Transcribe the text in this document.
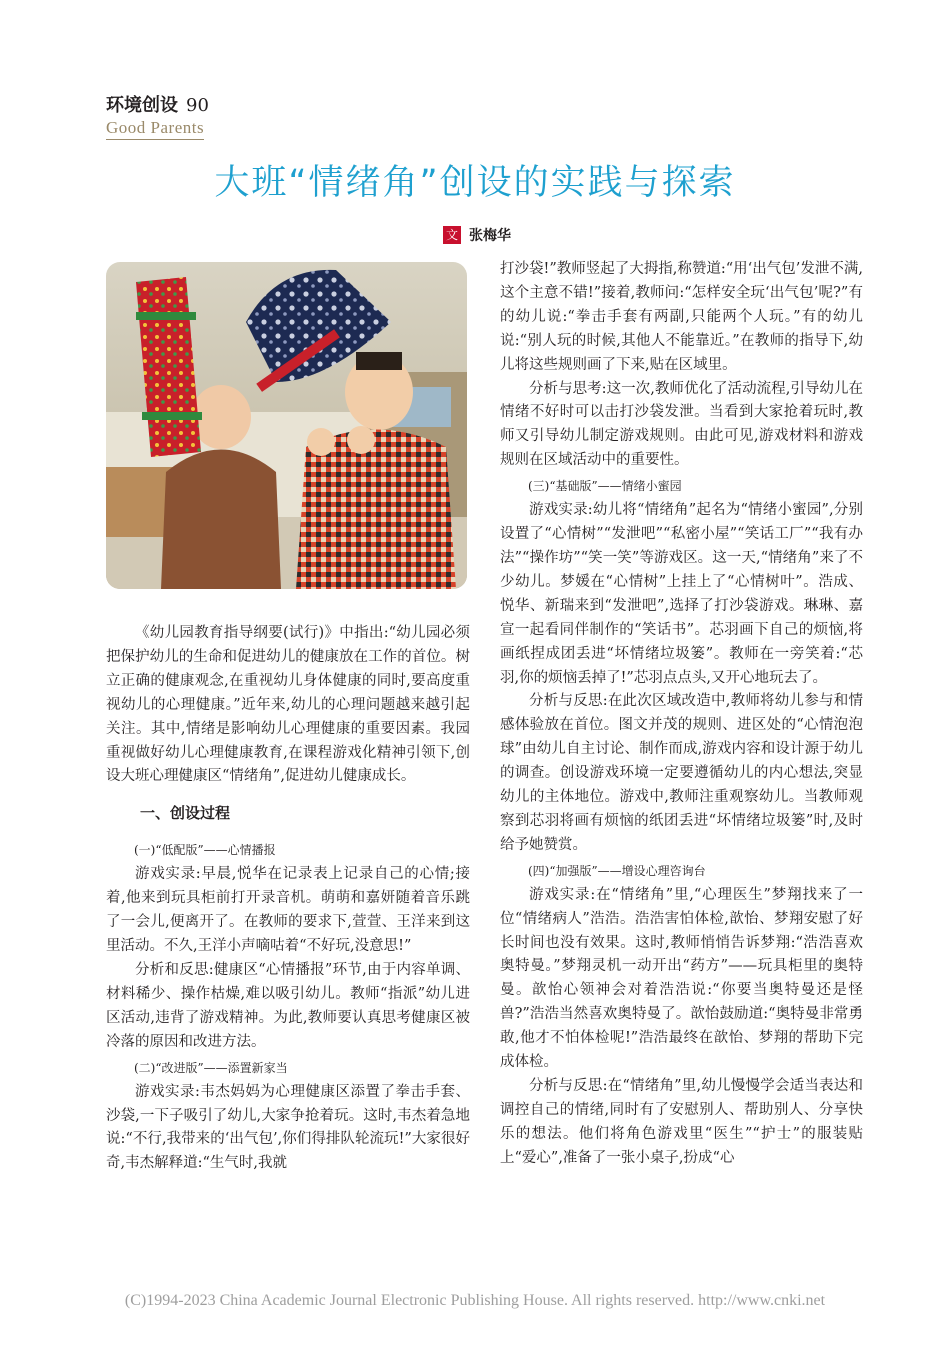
环境创设 90
Good Parents
大班“情绪角”创设的实践与探索
文 张梅华

《幼儿园教育指导纲要(试行)》中指出:“幼儿园必须把保护幼儿的生命和促进幼儿的健康放在工作的首位。树立正确的健康观念,在重视幼儿身体健康的同时,要高度重视幼儿的心理健康。”近年来,幼儿的心理问题越来越引起关注。其中,情绪是影响幼儿心理健康的重要因素。我园重视做好幼儿心理健康教育,在课程游戏化精神引领下,创设大班心理健康区“情绪角”,促进幼儿健康成长。

一、创设过程

(一)“低配版”——心情播报

游戏实录:早晨,悦华在记录表上记录自己的心情;接着,他来到玩具柜前打开录音机。萌萌和嘉妍随着音乐跳了一会儿,便离开了。在教师的要求下,萱萱、王洋来到这里活动。不久,王洋小声嘀咕着“不好玩,没意思!”

分析和反思:健康区“心情播报”环节,由于内容单调、材料稀少、操作枯燥,难以吸引幼儿。教师“指派”幼儿进区活动,违背了游戏精神。为此,教师要认真思考健康区被冷落的原因和改进方法。

(二)“改进版”——添置新家当

游戏实录:韦杰妈妈为心理健康区添置了拳击手套、沙袋,一下子吸引了幼儿,大家争抢着玩。这时,韦杰着急地说:“不行,我带来的‘出气包’,你们得排队轮流玩!”大家很好奇,韦杰解释道:“生气时,我就

打沙袋!”教师竖起了大拇指,称赞道:“用‘出气包’发泄不满,这个主意不错!”接着,教师问:“怎样安全玩‘出气包’呢?”有的幼儿说:“拳击手套有两副,只能两个人玩。”有的幼儿说:“别人玩的时候,其他人不能靠近。”在教师的指导下,幼儿将这些规则画了下来,贴在区域里。

分析与思考:这一次,教师优化了活动流程,引导幼儿在情绪不好时可以击打沙袋发泄。当看到大家抢着玩时,教师又引导幼儿制定游戏规则。由此可见,游戏材料和游戏规则在区域活动中的重要性。

(三)“基础版”——情绪小蜜园

游戏实录:幼儿将“情绪角”起名为“情绪小蜜园”,分别设置了“心情树”“发泄吧”“私密小屋”“笑话工厂”“我有办法”“操作坊”“笑一笑”等游戏区。这一天,“情绪角”来了不少幼儿。梦媛在“心情树”上挂上了“心情树叶”。浩成、悦华、新瑞来到“发泄吧”,选择了打沙袋游戏。琳琳、嘉宣一起看同伴制作的“笑话书”。芯羽画下自己的烦恼,将画纸捏成团丢进“坏情绪垃圾篓”。教师在一旁笑着:“芯羽,你的烦恼丢掉了!”芯羽点点头,又开心地玩去了。

分析与反思:在此次区域改造中,教师将幼儿参与和情感体验放在首位。图文并茂的规则、进区处的“心情泡泡球”由幼儿自主讨论、制作而成,游戏内容和设计源于幼儿的调查。创设游戏环境一定要遵循幼儿的内心想法,突显幼儿的主体地位。游戏中,教师注重观察幼儿。当教师观察到芯羽将画有烦恼的纸团丢进“坏情绪垃圾篓”时,及时给予她赞赏。

(四)“加强版”——增设心理咨询台

游戏实录:在“情绪角”里,“心理医生”梦翔找来了一位“情绪病人”浩浩。浩浩害怕体检,歆怡、梦翔安慰了好长时间也没有效果。这时,教师悄悄告诉梦翔:“浩浩喜欢奥特曼。”梦翔灵机一动开出“药方”——玩具柜里的奥特曼。歆怡心领神会对着浩浩说:“你要当奥特曼还是怪兽?”浩浩当然喜欢奥特曼了。歆怡鼓励道:“奥特曼非常勇敢,他才不怕体检呢!”浩浩最终在歆怡、梦翔的帮助下完成体检。

分析与反思:在“情绪角”里,幼儿慢慢学会适当表达和调控自己的情绪,同时有了安慰别人、帮助别人、分享快乐的想法。他们将角色游戏里“医生”“护士”的服装贴上“爱心”,准备了一张小桌子,扮成“心

(C)1994-2023 China Academic Journal Electronic Publishing House. All rights reserved. http://www.cnki.net
